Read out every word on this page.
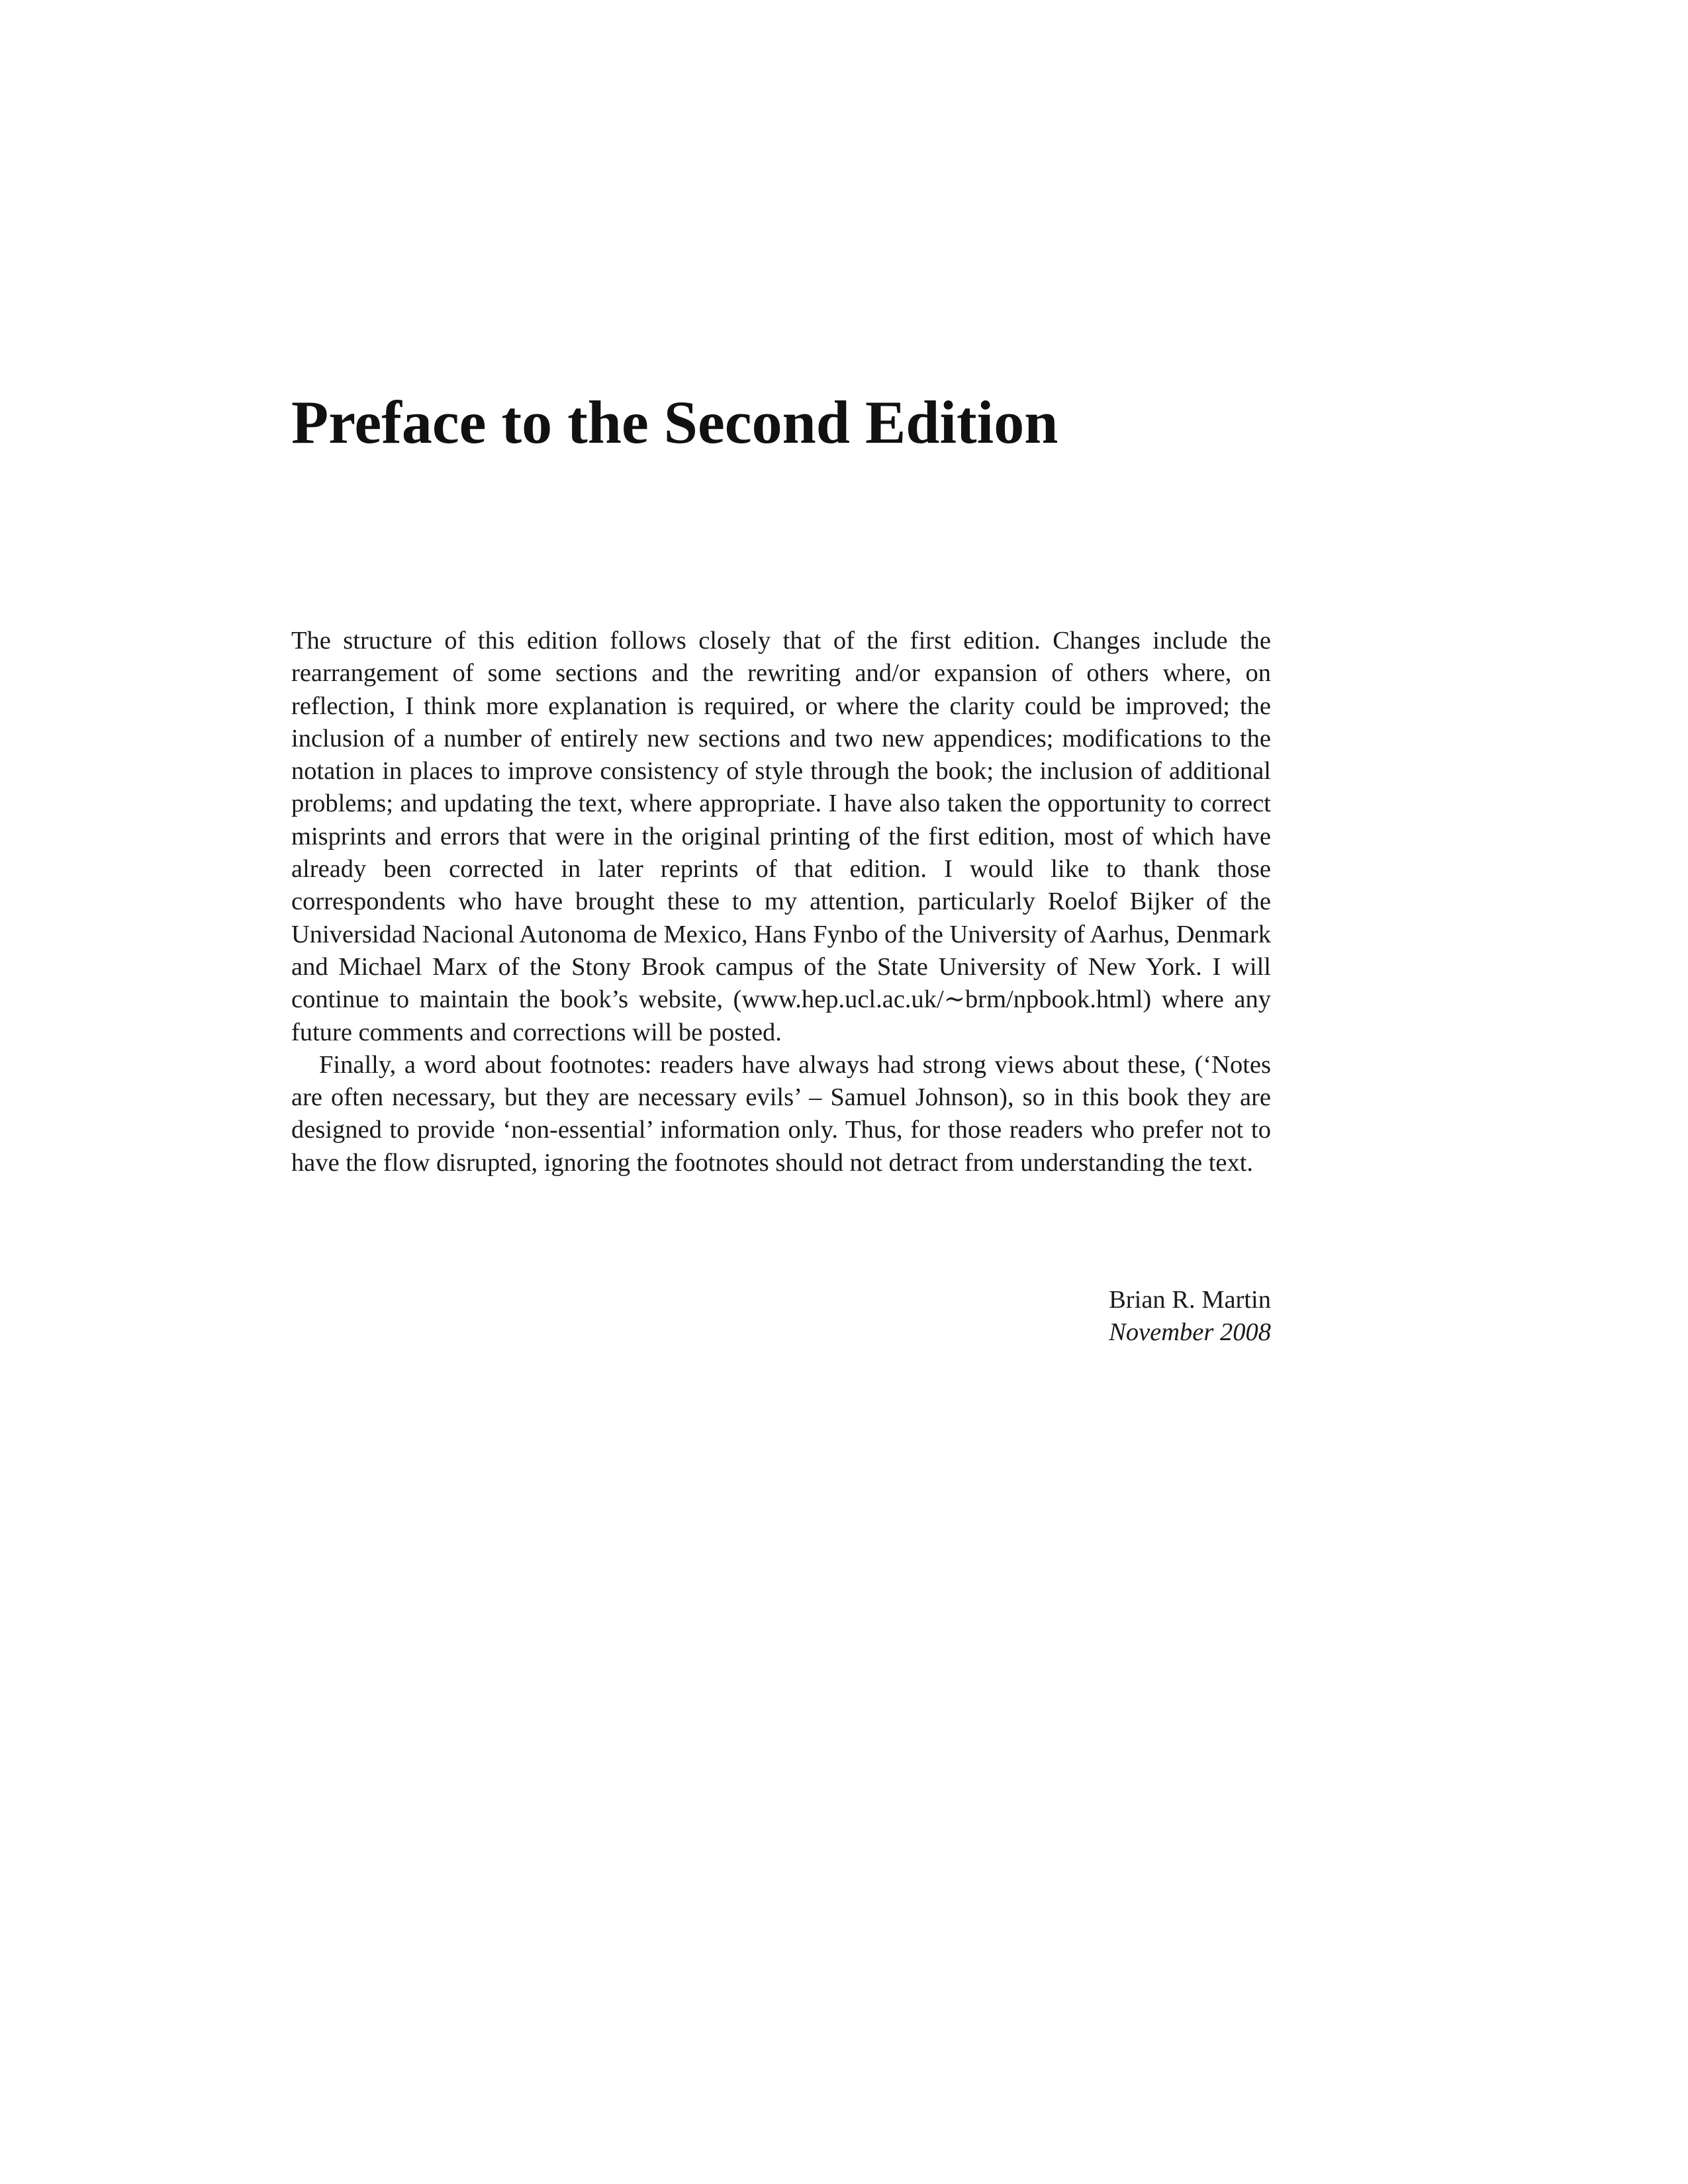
Preface to the Second Edition

The structure of this edition follows closely that of the first edition. Changes include the rearrangement of some sections and the rewriting and/or expansion of others where, on reflection, I think more explanation is required, or where the clarity could be improved; the inclusion of a number of entirely new sections and two new appendices; modifications to the notation in places to improve consistency of style through the book; the inclusion of additional problems; and updating the text, where appropriate. I have also taken the opportunity to correct misprints and errors that were in the original printing of the first edition, most of which have already been corrected in later reprints of that edition. I would like to thank those correspondents who have brought these to my attention, particularly Roelof Bijker of the Universidad Nacional Autonoma de Mexico, Hans Fynbo of the University of Aarhus, Denmark and Michael Marx of the Stony Brook campus of the State University of New York. I will continue to maintain the book’s website, (www.hep.ucl.ac.uk/∼brm/npbook.html) where any future comments and corrections will be posted.

Finally, a word about footnotes: readers have always had strong views about these, (‘Notes are often necessary, but they are necessary evils’ – Samuel Johnson), so in this book they are designed to provide ‘non-essential’ information only. Thus, for those readers who prefer not to have the flow disrupted, ignoring the footnotes should not detract from understanding the text.

Brian R. Martin
November 2008
